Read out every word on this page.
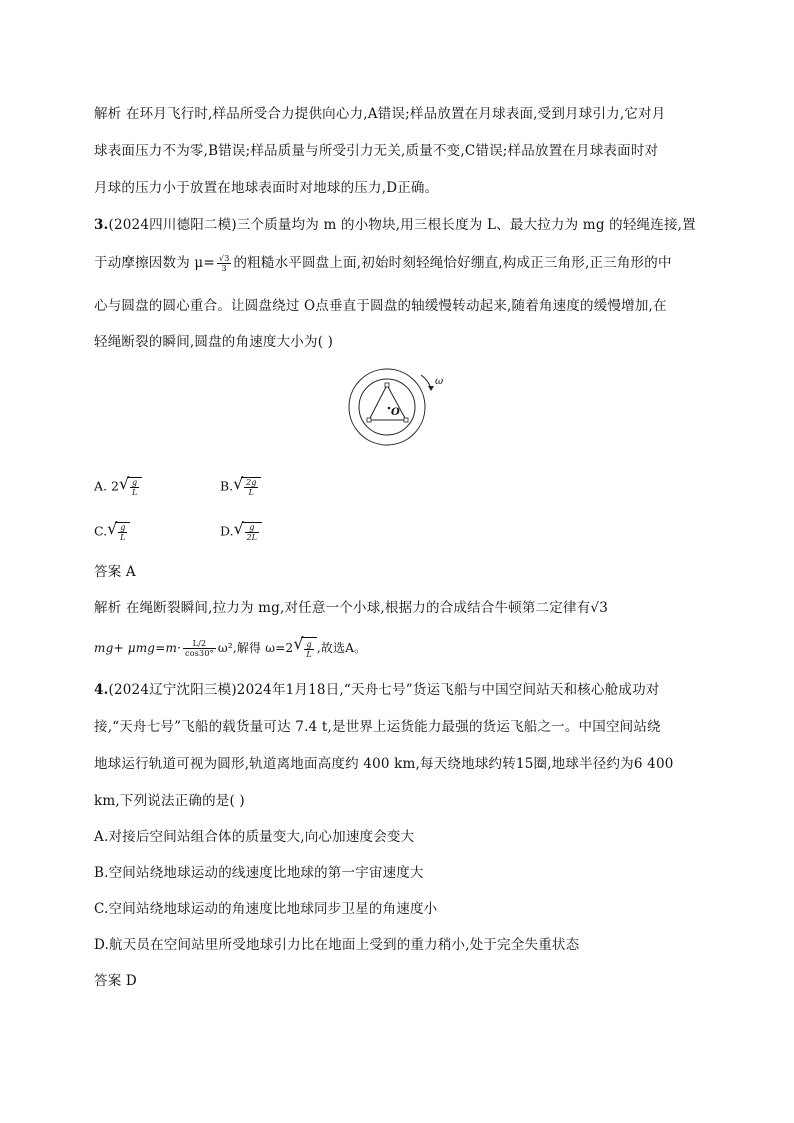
解析 在环月飞行时,样品所受合力提供向心力,A错误;样品放置在月球表面,受到月球引力,它对月
球表面压力不为零,B错误;样品质量与所受引力无关,质量不变,C错误;样品放置在月球表面时对
月球的压力小于放置在地球表面时对地球的压力,D正确。
3.(2024四川德阳二模)三个质量均为 m 的小物块,用三根长度为 L、最大拉力为 mg 的轻绳连接,置
于动摩擦因数为 $\mu= \frac{√3}{3}$ 的粗糙水平圆盘上面,初始时刻轻绳恰好绷直,构成正三角形,正三角形的中
心与圆盘的圆心重合。让圆盘绕过 O点垂直于圆盘的轴缓慢转动起来,随着角速度的缓慢增加,在
轻绳断裂的瞬间,圆盘的角速度大小为( )
O
ω
A. 2 √ $\frac{g}{L}$	B. √ $\frac{2g}{L}$
C. √ $\frac{g}{L}$	D. √ $\frac{g}{2L}$
答案 A
解析 在绳断裂瞬间,拉力为 mg,对任意一个小球,根据力的合成结合牛顿第二定律有√3
$mg+ \mu mg=m\cdot \frac{L/2}{\cos 30^\circ} \omega^2$,解得 ω=2 √ $\frac{g}{L}$ ,故选A。
4.(2024辽宁沈阳三模)2024年1月18日,“天舟七号”货运飞船与中国空间站天和核心舱成功对
接,“天舟七号”飞船的载货量可达 7.4 t,是世界上运货能力最强的货运飞船之一。中国空间站绕
地球运行轨道可视为圆形,轨道离地面高度约 400 km,每天绕地球约转15圈,地球半径约为6 400
km,下列说法正确的是( )
A.对接后空间站组合体的质量变大,向心加速度会变大
B.空间站绕地球运动的线速度比地球的第一宇宙速度大
C.空间站绕地球运动的角速度比地球同步卫星的角速度小
D.航天员在空间站里所受地球引力比在地面上受到的重力稍小,处于完全失重状态
答案 D
